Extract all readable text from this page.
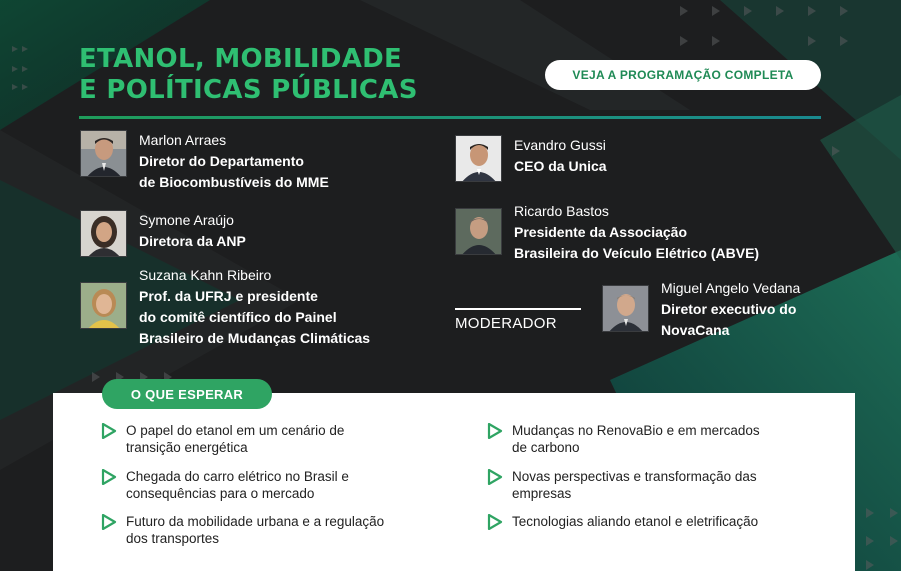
ETANOL, MOBILIDADE
E POLÍTICAS PÚBLICAS	VEJA A PROGRAMAÇÃO COMPLETA
Marlon Arraes
Diretor do Departamento
de Biocombustíveis do MME
Symone Araújo
Diretora da ANP
Suzana Kahn Ribeiro
Prof. da UFRJ e presidente
do comitê científico do Painel
Brasileiro de Mudanças Climáticas
Evandro Gussi
CEO da Unica
Ricardo Bastos
Presidente da Associação
Brasileira do Veículo Elétrico (ABVE)
MODERADOR
Miguel Angelo Vedana
Diretor executivo do
NovaCana
O QUE ESPERAR
O papel do etanol em um cenário de
transição energética
Chegada do carro elétrico no Brasil e
consequências para o mercado
Futuro da mobilidade urbana e a regulação
dos transportes
Mudanças no RenovaBio e em mercados
de carbono
Novas perspectivas e transformação das
empresas
Tecnologias aliando etanol e eletrificação
